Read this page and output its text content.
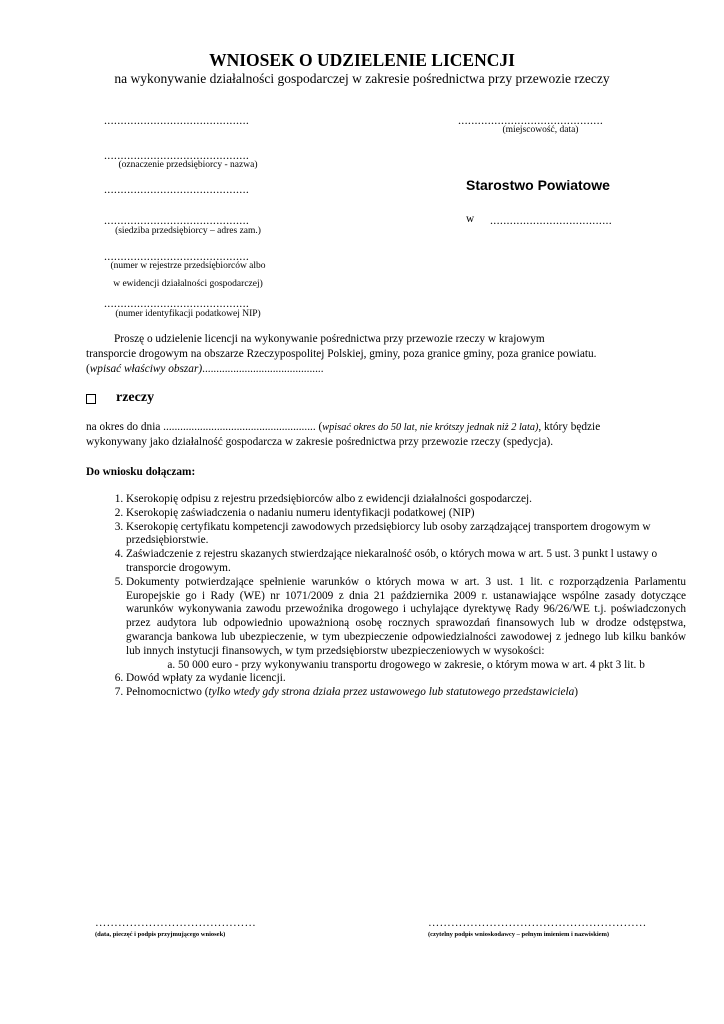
WNIOSEK O UDZIELENIE LICENCJI
na wykonywanie działalności gospodarczej w zakresie pośrednictwa przy przewozie rzeczy
............................................
............................................
(oznaczenie przedsiębiorcy - nazwa)
............................................
............................................
(siedziba przedsiębiorcy – adres zam.)
............................................
(numer w rejestrze przedsiębiorców albo
w ewidencji działalności gospodarczej)
............................................
(numer identyfikacji podatkowej NIP)
............................................
(miejscowość, data)
Starostwo Powiatowe
w .....................................
Proszę o udzielenie licencji na wykonywanie pośrednictwa przy przewozie rzeczy w krajowym
transporcie drogowym na obszarze Rzeczypospolitej Polskiej, gminy, poza granice gminy, poza granice powiatu.
(wpisać właściwy obszar)...........................................
rzeczy
na okres do dnia ...................................................... (wpisać okres do 50 lat, nie krótszy jednak niż 2 lata), który będzie
wykonywany jako działalność gospodarcza w zakresie pośrednictwa przy przewozie rzeczy (spedycja).
Do wniosku dołączam:
1. Kserokopię odpisu z rejestru przedsiębiorców albo z ewidencji działalności gospodarczej.
2. Kserokopię zaświadczenia o nadaniu numeru identyfikacji podatkowej (NIP)
3. Kserokopię certyfikatu kompetencji zawodowych przedsiębiorcy lub osoby zarządzającej transportem drogowym w przedsiębiorstwie.
4. Zaświadczenie z rejestru skazanych stwierdzające niekaralność osób, o których mowa w art. 5 ust. 3 punkt l ustawy o transporcie drogowym.
5. Dokumenty potwierdzające spełnienie warunków o których mowa w art. 3 ust. 1 lit. c rozporządzenia Parlamentu Europejskie go i Rady (WE) nr 1071/2009 z dnia 21 października 2009 r. ustanawiające wspólne zasady dotyczące warunków wykonywania zawodu przewoźnika drogowego i uchylające dyrektywę Rady 96/26/WE t.j. poświadczonych przez audytora lub odpowiednio upoważnioną osobę rocznych sprawozdań finansowych lub w drodze odstępstwa, gwarancja bankowa lub ubezpieczenie, w tym ubezpieczenie odpowiedzialności zawodowej z jednego lub kilku banków lub innych instytucji finansowych, w tym przedsiębiorstw ubezpieczeniowych w wysokości:
a. 50 000 euro - przy wykonywaniu transportu drogowego w zakresie, o którym mowa w art. 4 pkt 3 lit. b
6. Dowód wpłaty za wydanie licencji.
7. Pełnomocnictwo (tylko wtedy gdy strona działa przez ustawowego lub statutowego przedstawiciela)
……………………………………
(data, pieczęć i podpis przyjmującego wniosek)
…………………………………………………
(czytelny podpis wnioskodawcy – pełnym imieniem i nazwiskiem)
